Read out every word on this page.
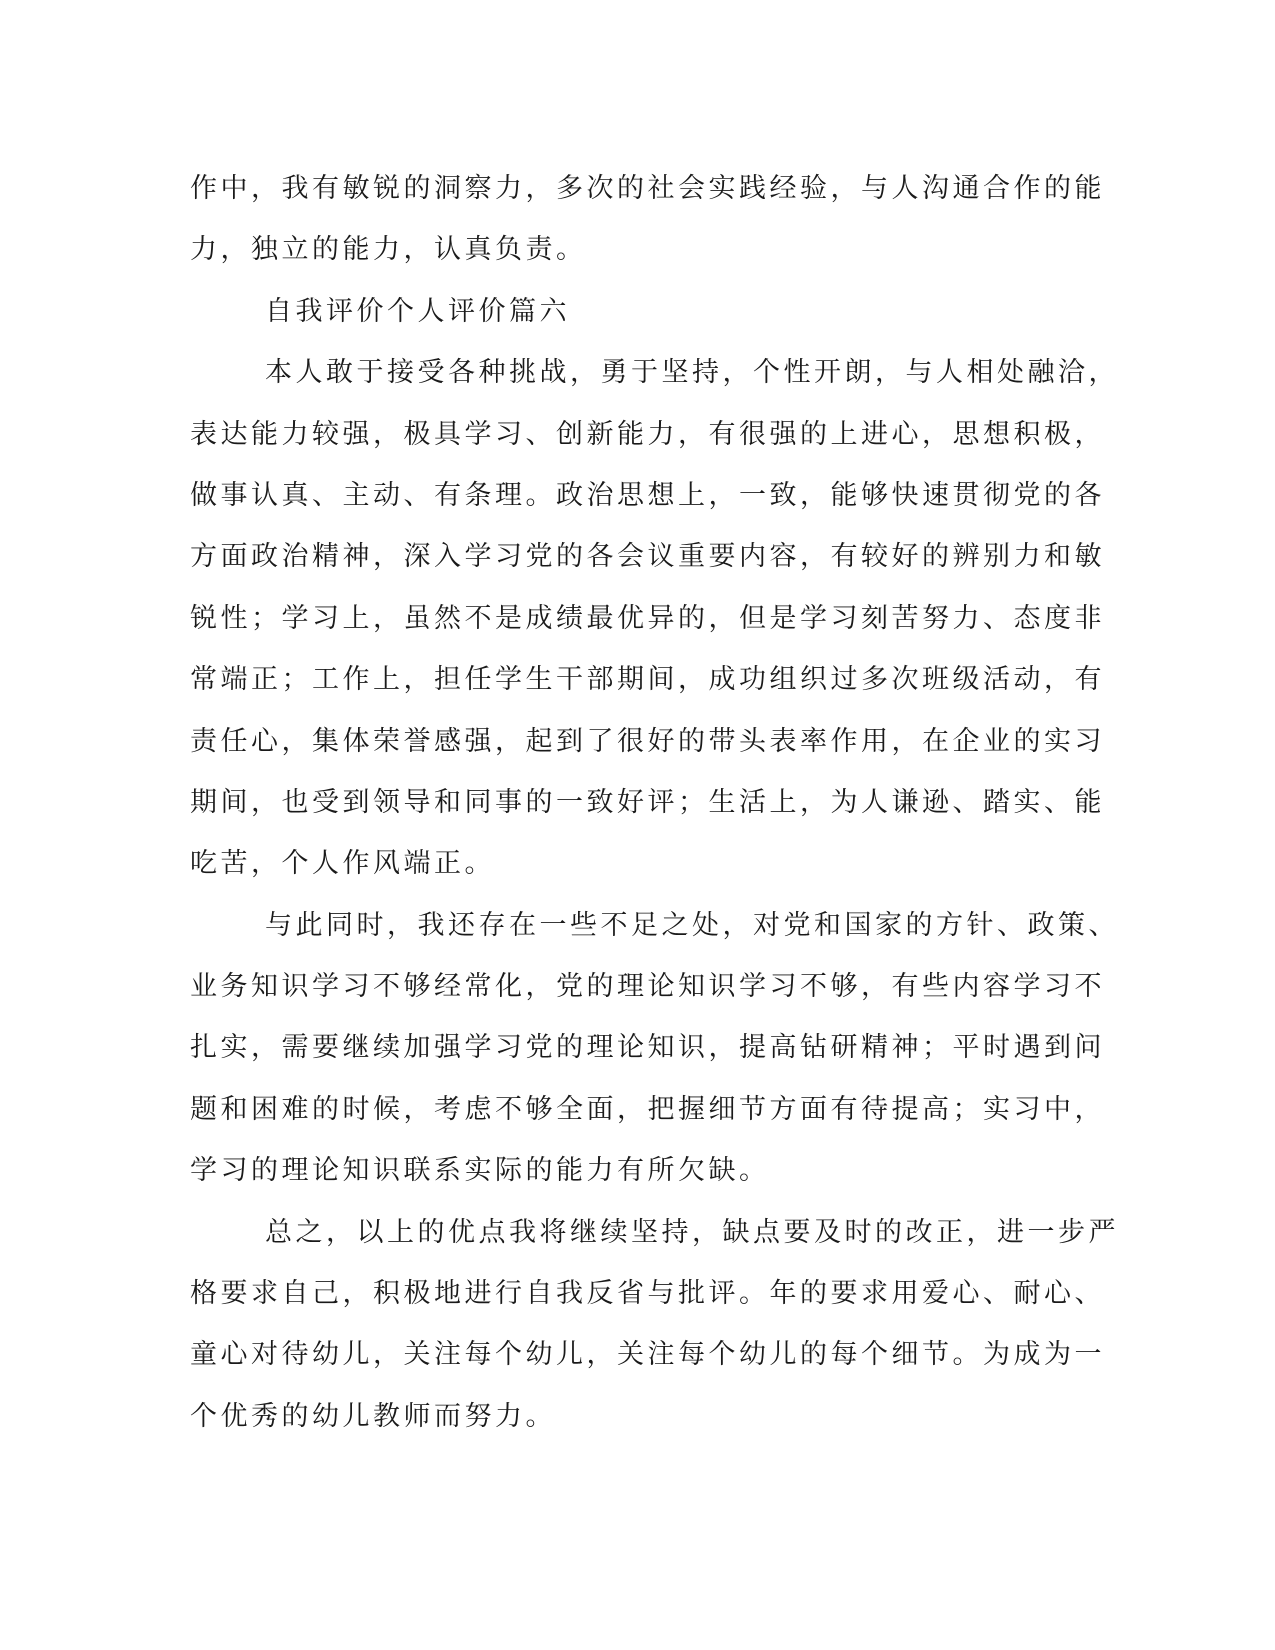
作中，我有敏锐的洞察力，多次的社会实践经验，与人沟通合作的能
力，独立的能力，认真负责。
自我评价个人评价篇六
本人敢于接受各种挑战，勇于坚持，个性开朗，与人相处融洽，
表达能力较强，极具学习、创新能力，有很强的上进心，思想积极，
做事认真、主动、有条理。政治思想上，一致，能够快速贯彻党的各
方面政治精神，深入学习党的各会议重要内容，有较好的辨别力和敏
锐性；学习上，虽然不是成绩最优异的，但是学习刻苦努力、态度非
常端正；工作上，担任学生干部期间，成功组织过多次班级活动，有
责任心，集体荣誉感强，起到了很好的带头表率作用，在企业的实习
期间，也受到领导和同事的一致好评；生活上，为人谦逊、踏实、能
吃苦，个人作风端正。
与此同时，我还存在一些不足之处，对党和国家的方针、政策、
业务知识学习不够经常化，党的理论知识学习不够，有些内容学习不
扎实，需要继续加强学习党的理论知识，提高钻研精神；平时遇到问
题和困难的时候，考虑不够全面，把握细节方面有待提高；实习中，
学习的理论知识联系实际的能力有所欠缺。
总之，以上的优点我将继续坚持，缺点要及时的改正，进一步严
格要求自己，积极地进行自我反省与批评。年的要求用爱心、耐心、
童心对待幼儿，关注每个幼儿，关注每个幼儿的每个细节。为成为一
个优秀的幼儿教师而努力。
